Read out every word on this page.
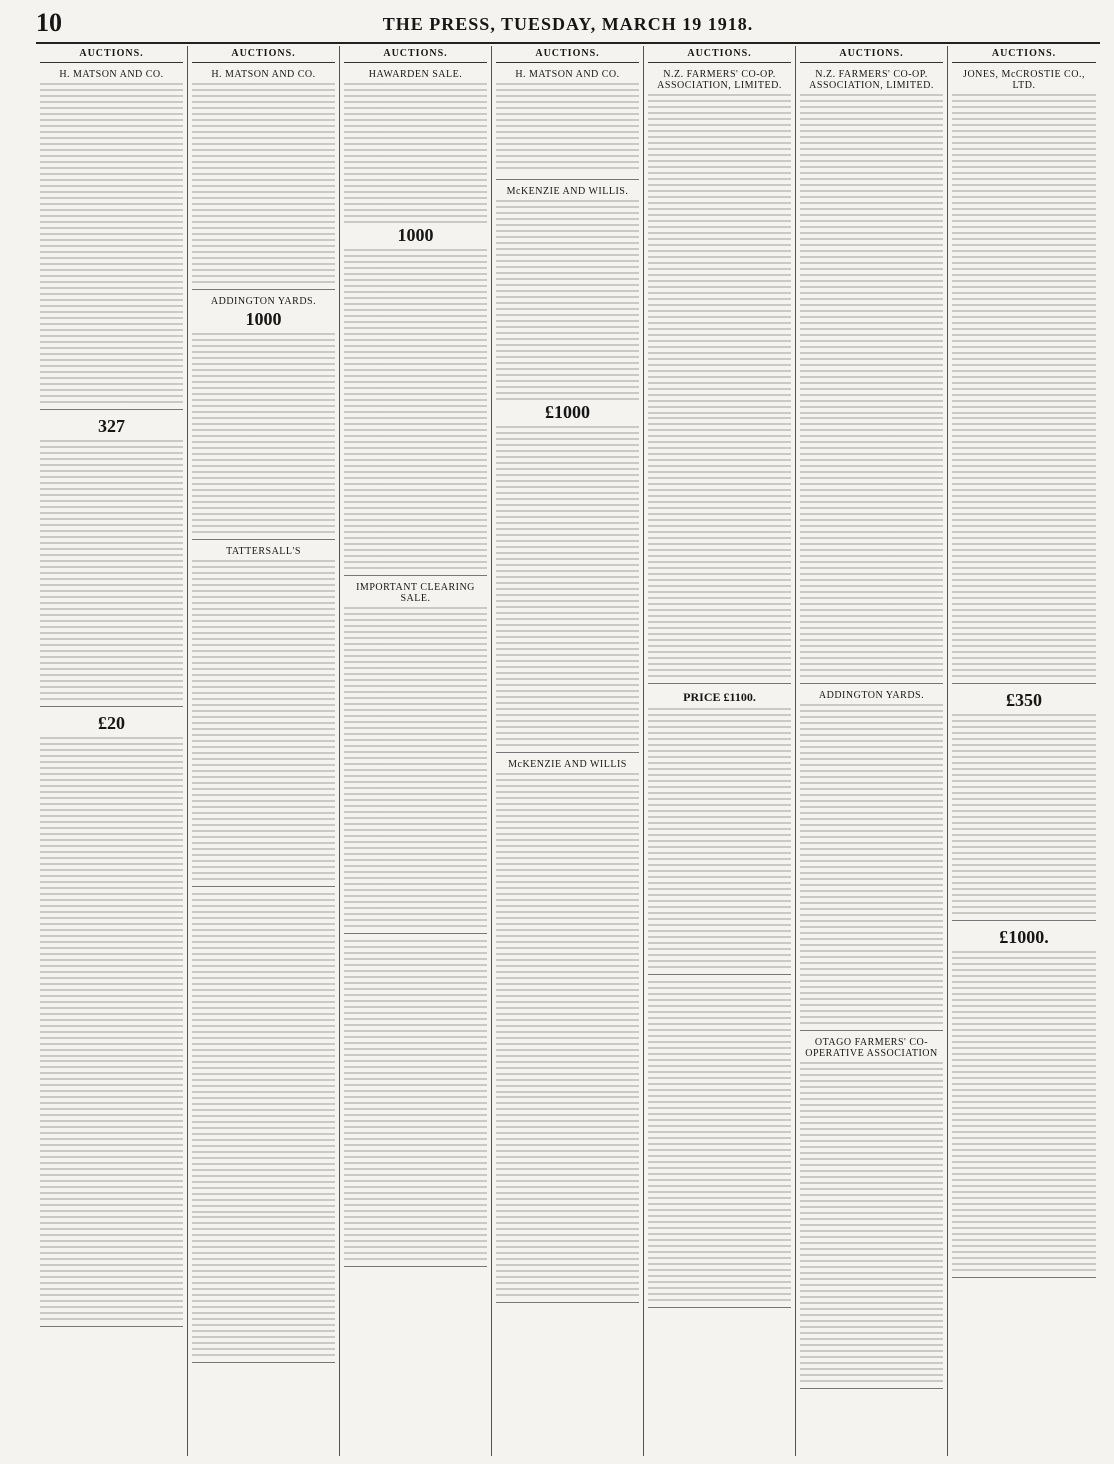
10	THE PRESS, TUESDAY, MARCH 19 1918.
AUCTIONS.
H. MATSON AND CO.
327
£20
AUCTIONS.
H. MATSON AND CO.
ADDINGTON YARDS.
1000
TATTERSALL'S
AUCTIONS.
HAWARDEN SALE.
1000
IMPORTANT CLEARING SALE.
AUCTIONS.
H. MATSON AND CO.
McKENZIE AND WILLIS.
£1000
McKENZIE AND WILLIS
AUCTIONS.
N.Z. FARMERS' CO-OP. ASSOCIATION, LIMITED.
PRICE £1100.
AUCTIONS.
N.Z. FARMERS' CO-OP. ASSOCIATION, LIMITED.
ADDINGTON YARDS.
OTAGO FARMERS' CO-OPERATIVE ASSOCIATION
AUCTIONS.
JONES, McCROSTIE CO., LTD.
£350
£1000.
